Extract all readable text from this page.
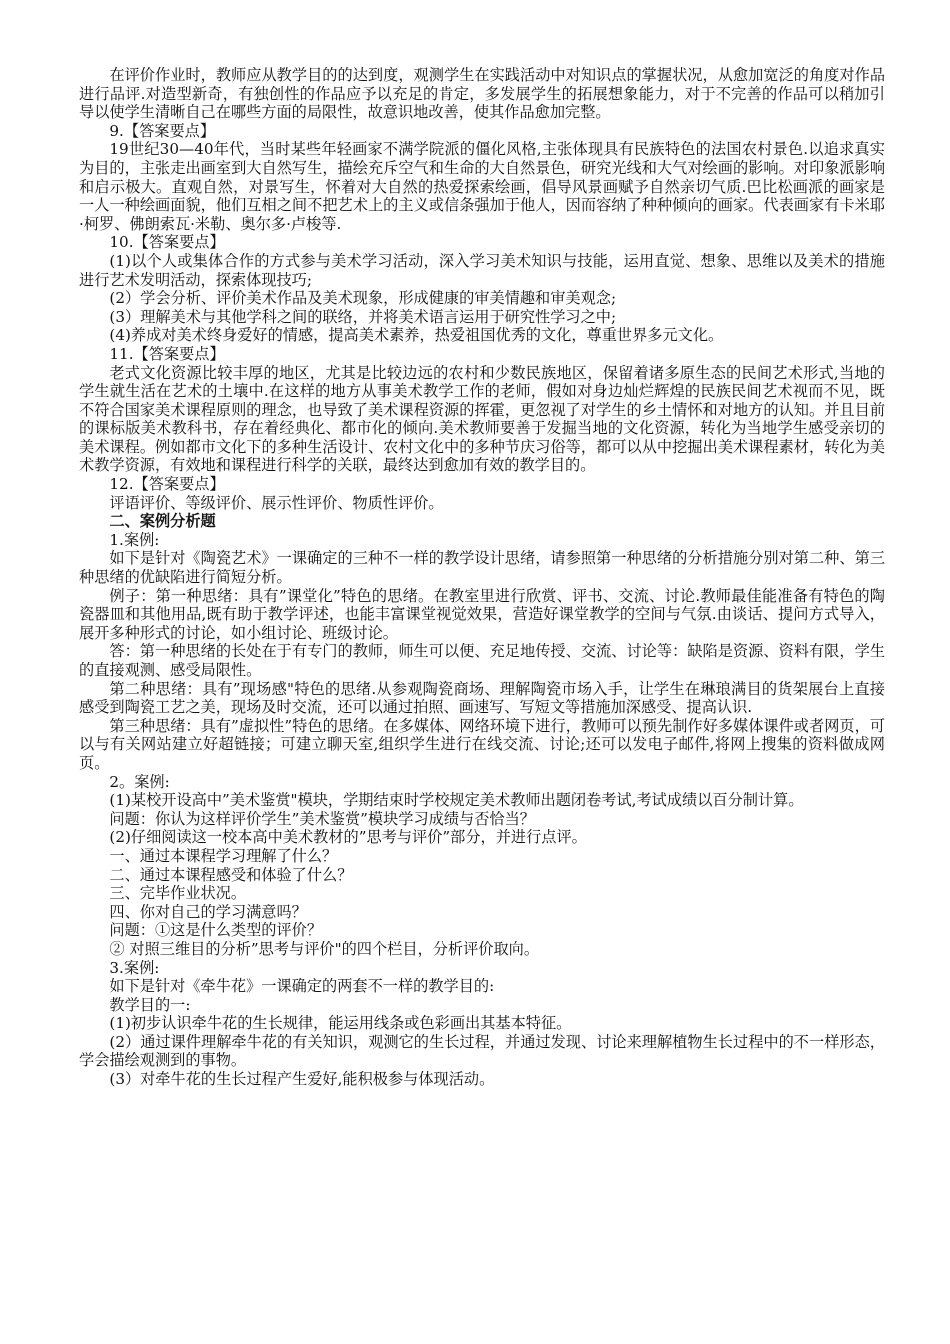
在评价作业时，教师应从教学目的的达到度，观测学生在实践活动中对知识点的掌握状况，从愈加宽泛的角度对作品进行品评.对造型新奇，有独创性的作品应予以充足的肯定，多发展学生的拓展想象能力，对于不完善的作品可以稍加引导以使学生清晰自己在哪些方面的局限性，故意识地改善，使其作品愈加完整。

9.【答案要点】

19世纪30—40年代，当时某些年轻画家不满学院派的僵化风格,主张体现具有民族特色的法国农村景色.以追求真实为目的，主张走出画室到大自然写生，描绘充斥空气和生命的大自然景色，研究光线和大气对绘画的影响。对印象派影响和启示极大。直观自然，对景写生，怀着对大自然的热爱探索绘画，倡导风景画赋予自然亲切气质.巴比松画派的画家是一人一种绘画面貌，他们互相之间不把艺术上的主义或信条强加于他人，因而容纳了种种倾向的画家。代表画家有卡米耶·柯罗、佛朗索瓦·米勒、奥尔多·卢梭等.

10.【答案要点】

(1)以个人或集体合作的方式参与美术学习活动，深入学习美术知识与技能，运用直觉、想象、思维以及美术的措施进行艺术发明活动，探索体现技巧;

(2）学会分析、评价美术作品及美术现象，形成健康的审美情趣和审美观念;

(3）理解美术与其他学科之间的联络，并将美术语言运用于研究性学习之中;

(4)养成对美术终身爱好的情感，提高美术素养，热爱祖国优秀的文化，尊重世界多元文化。

11.【答案要点】

老式文化资源比较丰厚的地区，尤其是比较边远的农村和少数民族地区，保留着诸多原生态的民间艺术形式,当地的学生就生活在艺术的土壤中.在这样的地方从事美术教学工作的老师，假如对身边灿烂辉煌的民族民间艺术视而不见，既不符合国家美术课程原则的理念，也导致了美术课程资源的挥霍，更忽视了对学生的乡土情怀和对地方的认知。并且目前的课标版美术教科书，存在着经典化、都市化的倾向.美术教师要善于发掘当地的文化资源，转化为当地学生感受亲切的美术课程。例如都市文化下的多种生活设计、农村文化中的多种节庆习俗等，都可以从中挖掘出美术课程素材，转化为美术教学资源，有效地和课程进行科学的关联，最终达到愈加有效的教学目的。

12.【答案要点】

评语评价、等级评价、展示性评价、物质性评价。

二、案例分析题

1.案例:

如下是针对《陶瓷艺术》一课确定的三种不一样的教学设计思绪，请参照第一种思绪的分析措施分别对第二种、第三种思绪的优缺陷进行简短分析。

例子：第一种思绪：具有”课堂化”特色的思绪。在教室里进行欣赏、评书、交流、讨论.教师最佳能准备有特色的陶瓷器皿和其他用品,既有助于教学评述，也能丰富课堂视觉效果，营造好课堂教学的空间与气氛.由谈话、提问方式导入，展开多种形式的讨论，如小组讨论、班级讨论。

答：第一种思绪的长处在于有专门的教师，师生可以便、充足地传授、交流、讨论等：缺陷是资源、资料有限，学生的直接观测、感受局限性。

第二种思绪：具有”现场感"特色的思绪.从参观陶瓷商场、理解陶瓷市场入手，让学生在琳琅满目的货架展台上直接感受到陶瓷工艺之美，现场及时交流，还可以通过拍照、画速写、写短文等措施加深感受、提高认识.

第三种思绪：具有”虚拟性”特色的思绪。在多媒体、网络环境下进行，教师可以预先制作好多媒体课件或者网页，可以与有关网站建立好超链接；可建立聊天室,组织学生进行在线交流、讨论;还可以发电子邮件,将网上搜集的资料做成网页。

2。案例:

(1)某校开设高中”美术鉴赏"模块，学期结束时学校规定美术教师出题闭卷考试,考试成绩以百分制计算。

问题：你认为这样评价学生”美术鉴赏”模块学习成绩与否恰当？

(2)仔细阅读这一校本高中美术教材的”思考与评价”部分，并进行点评。

一、通过本课程学习理解了什么？

二、通过本课程感受和体验了什么？

三、完毕作业状况。

四、你对自己的学习满意吗？

问题：①这是什么类型的评价？

② 对照三维目的分析”思考与评价"的四个栏目，分析评价取向。

3.案例:

如下是针对《牵牛花》一课确定的两套不一样的教学目的:

教学目的一:

(1)初步认识牵牛花的生长规律，能运用线条或色彩画出其基本特征。

(2）通过课件理解牵牛花的有关知识，观测它的生长过程，并通过发现、讨论来理解植物生长过程中的不一样形态，学会描绘观测到的事物。

(3）对牵牛花的生长过程产生爱好,能积极参与体现活动。
